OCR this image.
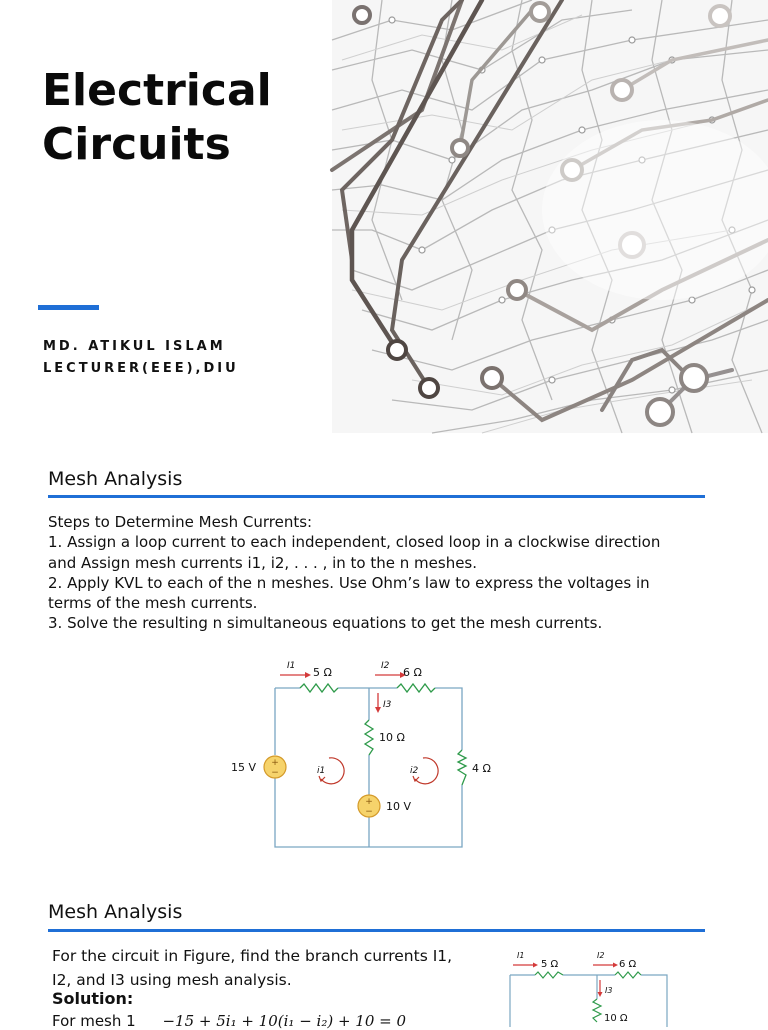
Electrical
Circuits
MD. ATIKUL ISLAM
LECTURER(EEE),DIU
Mesh Analysis
Steps to Determine Mesh Currents:
1. Assign a loop current to each independent, closed loop in a clockwise direction
and Assign mesh currents i1, i2, . . . , in to the n meshes.
2. Apply KVL to each of the n meshes. Use Ohm’s law to express the voltages in
terms of the mesh currents.
3. Solve the resulting n simultaneous equations to get the mesh currents.
+
−
+
−
5 Ω	6 Ω
10 Ω
4 Ω
15 V
10 V
I1	I2
I3
i1	i2
Mesh Analysis
For the circuit in Figure, find the branch currents I1,
I2, and I3 using mesh analysis.
Solution:
For mesh 1 −15 + 5i₁ + 10(i₁ − i₂) + 10 = 0
5 Ω	6 Ω
10 Ω
I1	I2
I3
